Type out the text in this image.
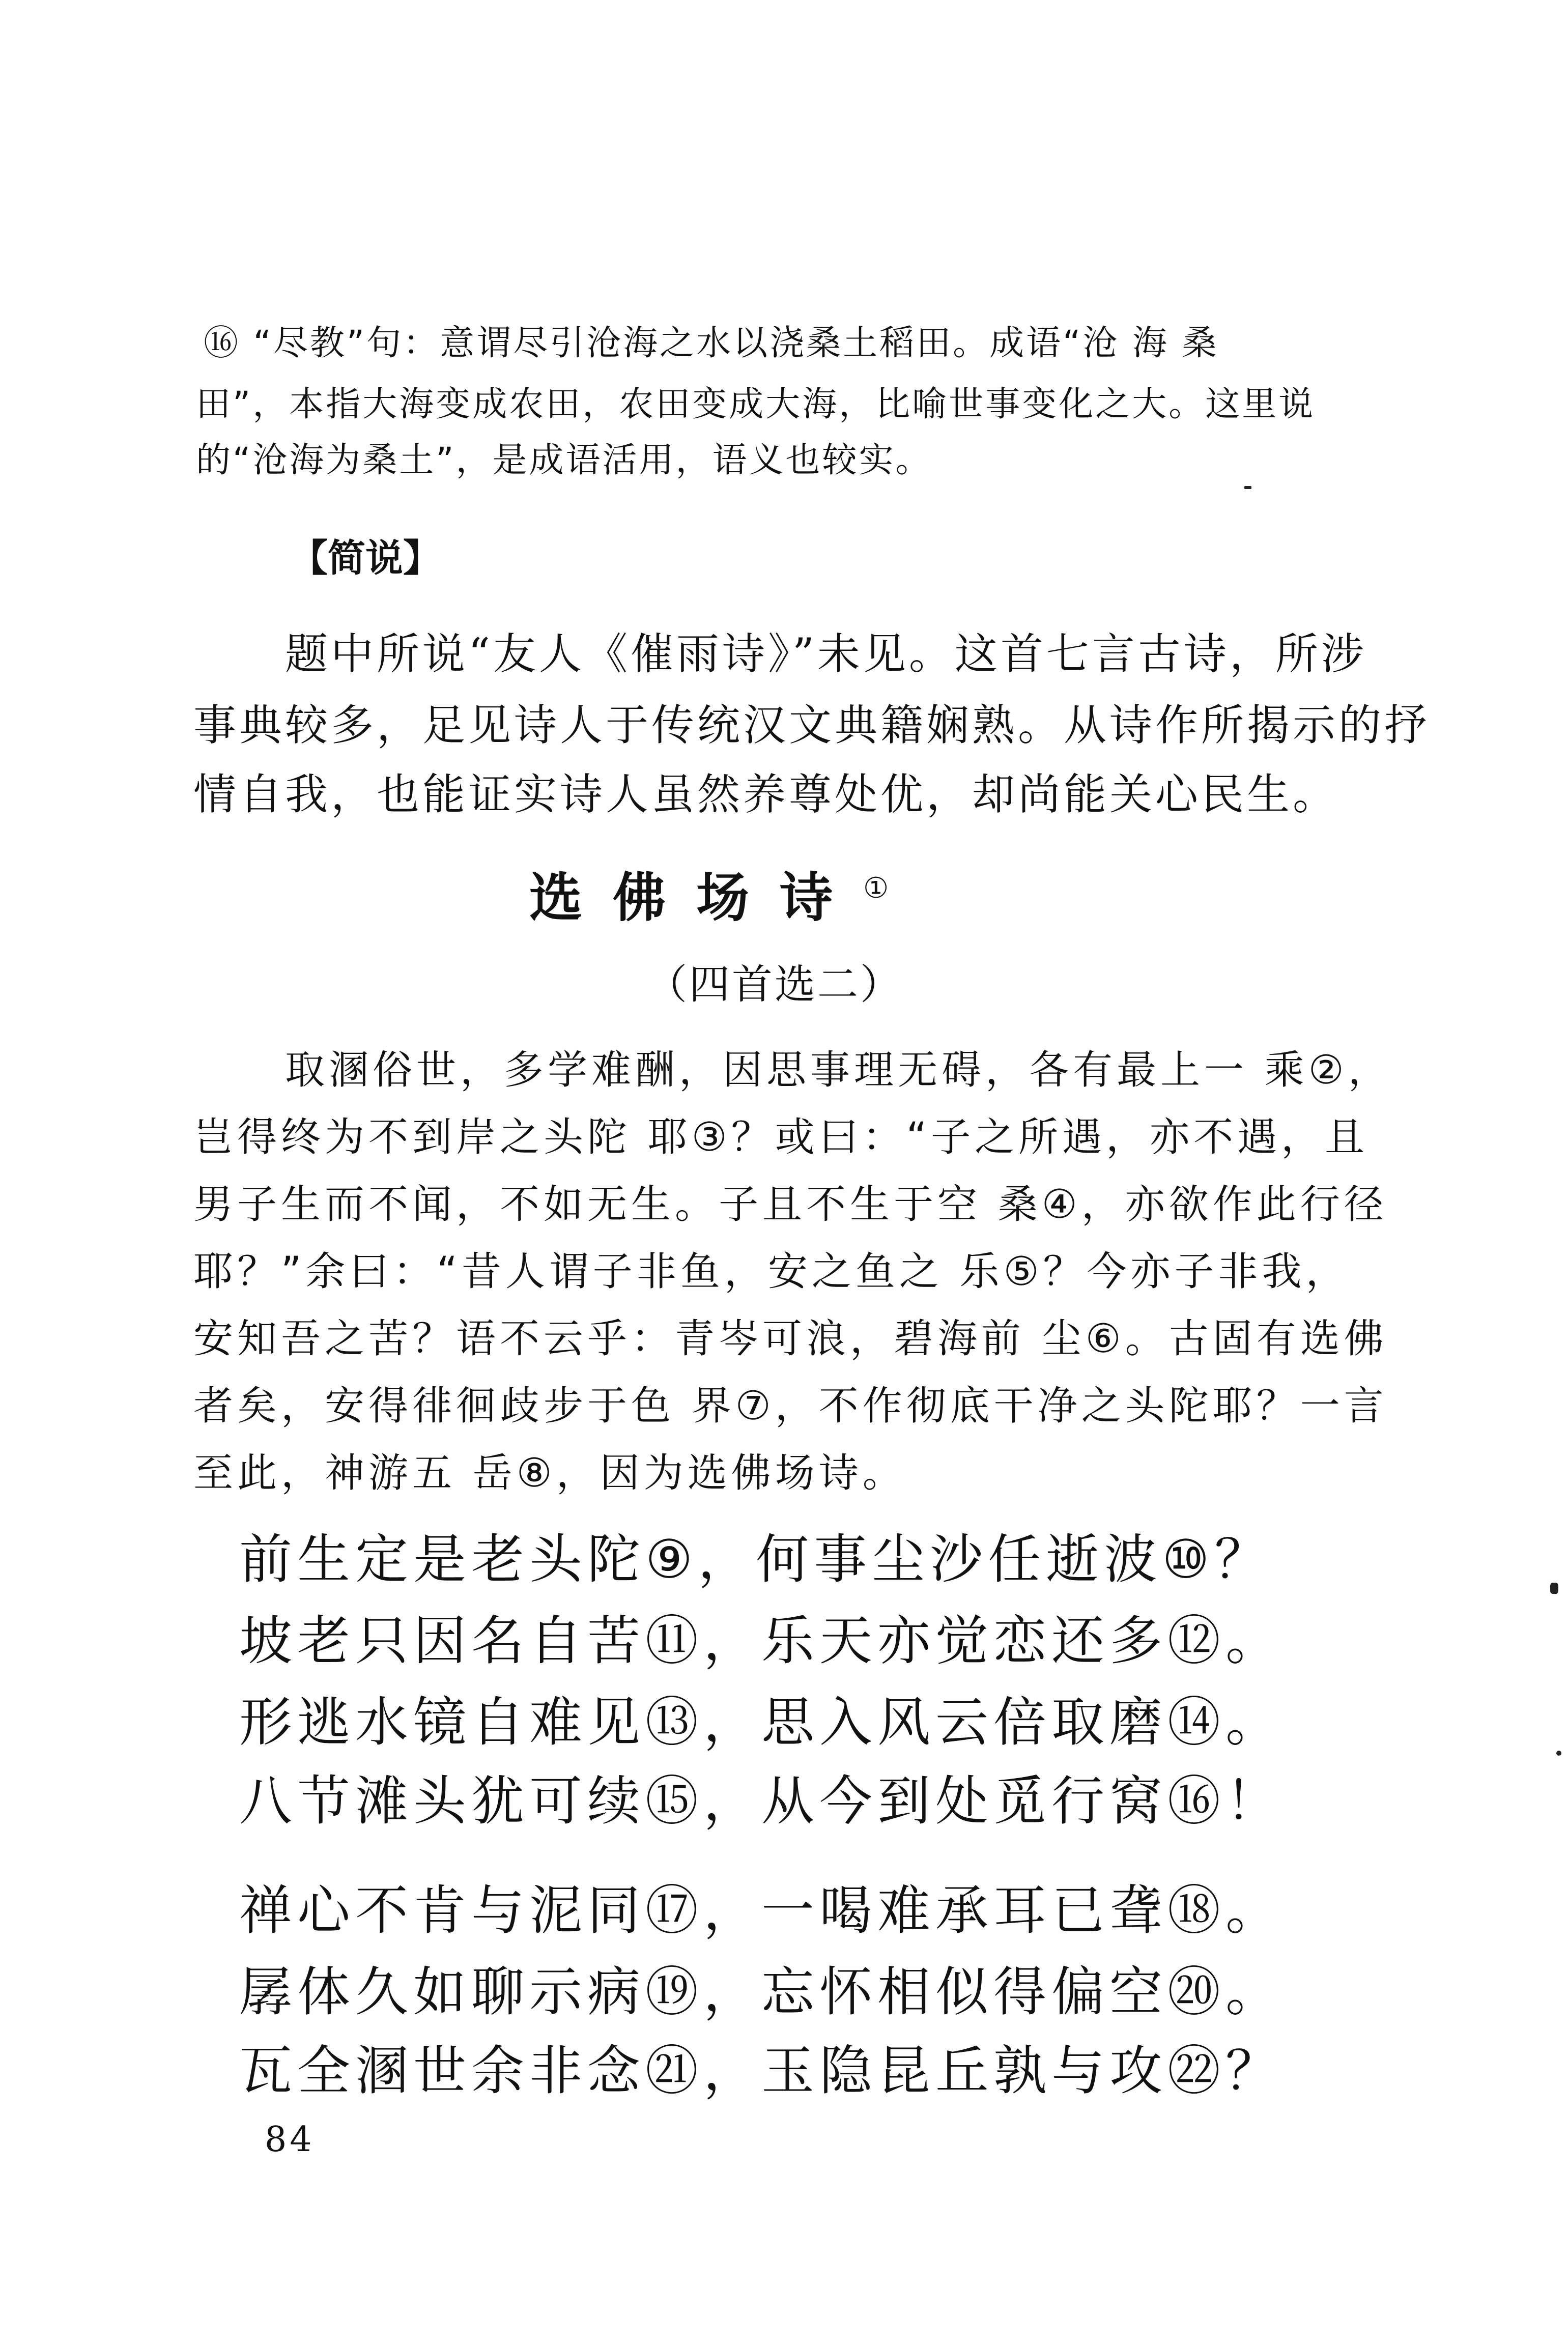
⑯ “尽教”句：意谓尽引沧海之水以浇桑土稻田。成语“沧 海 桑
田”，本指大海变成农田，农田变成大海，比喻世事变化之大。这里说
的“沧海为桑土”，是成语活用，语义也较实。
【简说】
题中所说“友人《催雨诗》”未见。这首七言古诗，所涉
事典较多，足见诗人于传统汉文典籍娴熟。从诗作所揭示的抒
情自我，也能证实诗人虽然养尊处优，却尚能关心民生。
选佛场诗①
（四首选二）
取溷俗世，多学难酬，因思事理无碍，各有最上一 乘②，
岂得终为不到岸之头陀 耶③？或曰：“子之所遇，亦不遇，且
男子生而不闻，不如无生。子且不生于空 桑④，亦欲作此行径
耶？”余曰：“昔人谓子非鱼，安之鱼之 乐⑤？今亦子非我，
安知吾之苦？语不云乎：青岑可浪，碧海前 尘⑥。古固有选佛
者矣，安得徘徊歧步于色 界⑦，不作彻底干净之头陀耶？一言
至此，神游五 岳⑧，因为选佛场诗。
前生定是老头陀⑨，何事尘沙任逝波⑩？
坡老只因名自苦⑪，乐天亦觉恋还多⑫。
形逃水镜自难见⑬，思入风云倍取磨⑭。
八节滩头犹可续⑮，从今到处觅行窝⑯！
禅心不肯与泥同⑰，一喝难承耳已聋⑱。
孱体久如聊示病⑲，忘怀相似得偏空⑳。
瓦全溷世余非念㉑，玉隐昆丘孰与攻㉒？
84
